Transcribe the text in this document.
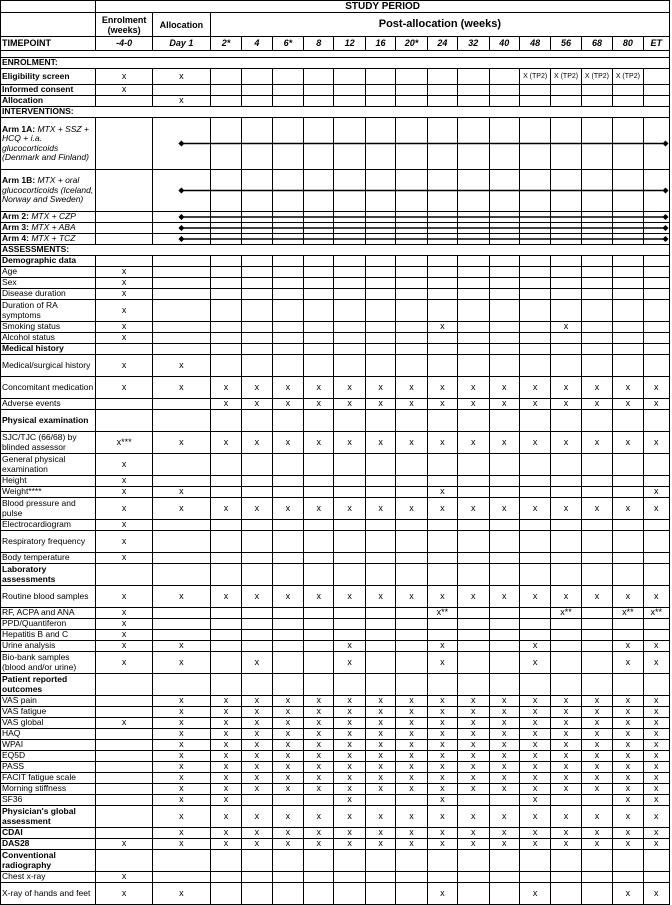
	STUDY PERIOD																
	Enrolment (weeks)	Allocation	Post-allocation (weeks)														
TIMEPOINT	-4-0	Day 1	2*	4	6*	8	12	16	20*	24	32	40	48	56	68	80	ET

ENROLMENT:																	
Eligibility screen	x	x											X (TP2)	X (TP2)	X (TP2)	X (TP2)	
Informed consent	x																
Allocation		x															
INTERVENTIONS:																	
Arm 1A: MTX + SSZ + HCQ + i.a. glucocorticoids (Denmark and Finland)																	
Arm 1B: MTX + oral glucocorticoids (Iceland, Norway and Sweden)																	
Arm 2: MTX + CZP																	
Arm 3: MTX + ABA																	
Arm 4: MTX + TCZ																	
ASSESSMENTS:																	
Demographic data																	
Age	x																
Sex	x																
Disease duration	x																
Duration of RA symptoms	x																
Smoking status	x									x				x			
Alcohol status	x																
Medical history																	
Medical/surgical history	x	x															
Concomitant medication	x	x	x	x	x	x	x	x	x	x	x	x	x	x	x	x	x
Adverse events			x	x	x	x	x	x	x	x	x	x	x	x	x	x	x
Physical examination																	
SJC/TJC (66/68) by blinded assessor	x***	x	x	x	x	x	x	x	x	x	x	x	x	x	x	x	x
General physical examination	x																
Height	x																
Weight****	x	x								x							x
Blood pressure and pulse	x	x	x	x	x	x	x	x	x	x	x	x	x	x	x	x	x
Electrocardiogram	x																
Respiratory frequency	x																
Body temperature	x																
Laboratory assessments																	
Routine blood samples	x	x	x	x	x	x	x	x	x	x	x	x	x	x	x	x	x
RF, ACPA and ANA	x									x**				x**		x**	x**
PPD/Quantiferon	x																
Hepatitis B and C	x																
Urine analysis	x	x					x			x			x			x	x
Bio-bank samples (blood and/or urine)	x	x		x			x			x			x			x	x
Patient reported outcomes																	
VAS pain		x	x	x	x	x	x	x	x	x	x	x	x	x	x	x	x
VAS fatigue		x	x	x	x	x	x	x	x	x	x	x	x	x	x	x	x
VAS global	x	x	x	x	x	x	x	x	x	x	x	x	x	x	x	x	x
HAQ		x	x	x	x	x	x	x	x	x	x	x	x	x	x	x	x
WPAI		x	x	x	x	x	x	x	x	x	x	x	x	x	x	x	x
EQ5D		x	x	x	x	x	x	x	x	x	x	x	x	x	x	x	x
PASS		x	x	x	x	x	x	x	x	x	x	x	x	x	x	x	x
FACIT fatigue scale		x	x	x	x	x	x	x	x	x	x	x	x	x	x	x	x
Morning stiffness		x	x	x	x	x	x	x	x	x	x	x	x	x	x	x	x
SF36		x	x				x			x			x			x	x
Physician's global assessment		x	x	x	x	x	x	x	x	x	x	x	x	x	x	x	x
CDAI		x	x	x	x	x	x	x	x	x	x	x	x	x	x	x	x
DAS28	x	x	x	x	x	x	x	x	x	x	x	x	x	x	x	x	x
Conventional radiography																	
Chest x-ray	x																
X-ray of hands and feet	x	x								x			x			x	x
